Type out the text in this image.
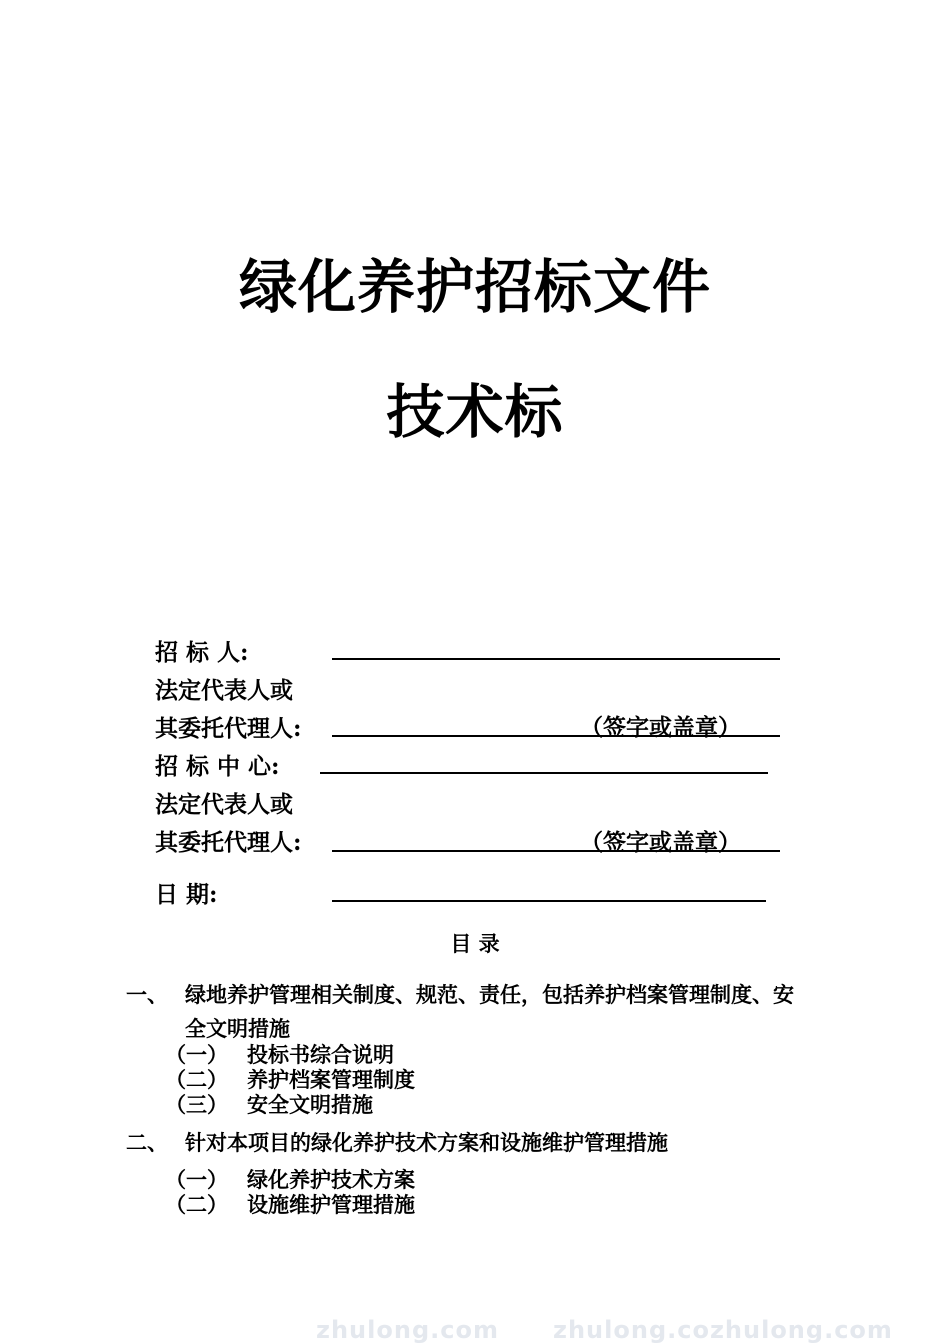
绿化养护招标文件
技术标
招 标 人:
法定代表人或
其委托代理人:	（签字或盖章）
招 标 中 心:
法定代表人或
其委托代理人:	（签字或盖章）
日 期:
目 录
一、 绿地养护管理相关制度、规范、责任，包括养护档案管理制度、安
全文明措施
（一） 投标书综合说明
（二） 养护档案管理制度
（三） 安全文明措施
二、 针对本项目的绿化养护技术方案和设施维护管理措施
（一） 绿化养护技术方案
（二） 设施维护管理措施
zhulong.com zhulong.cozhulong.com
